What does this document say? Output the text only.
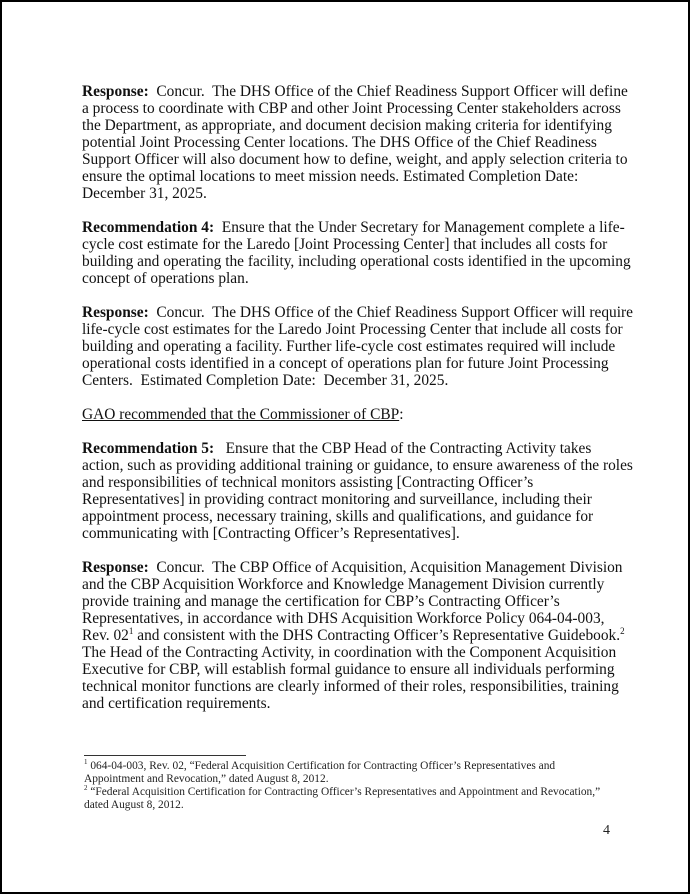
Response:  Concur.  The DHS Office of the Chief Readiness Support Officer will define
a process to coordinate with CBP and other Joint Processing Center stakeholders across
the Department, as appropriate, and document decision making criteria for identifying
potential Joint Processing Center locations. The DHS Office of the Chief Readiness
Support Officer will also document how to define, weight, and apply selection criteria to
ensure the optimal locations to meet mission needs. Estimated Completion Date:
December 31, 2025.
Recommendation 4:  Ensure that the Under Secretary for Management complete a life-
cycle cost estimate for the Laredo [Joint Processing Center] that includes all costs for
building and operating the facility, including operational costs identified in the upcoming
concept of operations plan.
Response:  Concur.  The DHS Office of the Chief Readiness Support Officer will require
life-cycle cost estimates for the Laredo Joint Processing Center that include all costs for
building and operating a facility. Further life-cycle cost estimates required will include
operational costs identified in a concept of operations plan for future Joint Processing
Centers.  Estimated Completion Date:  December 31, 2025.
GAO recommended that the Commissioner of CBP:
Recommendation 5:   Ensure that the CBP Head of the Contracting Activity takes
action, such as providing additional training or guidance, to ensure awareness of the roles
and responsibilities of technical monitors assisting [Contracting Officer’s
Representatives] in providing contract monitoring and surveillance, including their
appointment process, necessary training, skills and qualifications, and guidance for
communicating with [Contracting Officer’s Representatives].
Response:  Concur.  The CBP Office of Acquisition, Acquisition Management Division
and the CBP Acquisition Workforce and Knowledge Management Division currently
provide training and manage the certification for CBP’s Contracting Officer’s
Representatives, in accordance with DHS Acquisition Workforce Policy 064-04-003,
Rev. $02^1$ and consistent with the DHS Contracting Officer’s Representative Guidebook.$^2$
The Head of the Contracting Activity, in coordination with the Component Acquisition
Executive for CBP, will establish formal guidance to ensure all individuals performing
technical monitor functions are clearly informed of their roles, responsibilities, training
and certification requirements.
$^1$ 064-04-003, Rev. 02, “Federal Acquisition Certification for Contracting Officer’s Representatives and
Appointment and Revocation,” dated August 8, 2012.
$^2$ “Federal Acquisition Certification for Contracting Officer’s Representatives and Appointment and Revocation,”
dated August 8, 2012.
4
